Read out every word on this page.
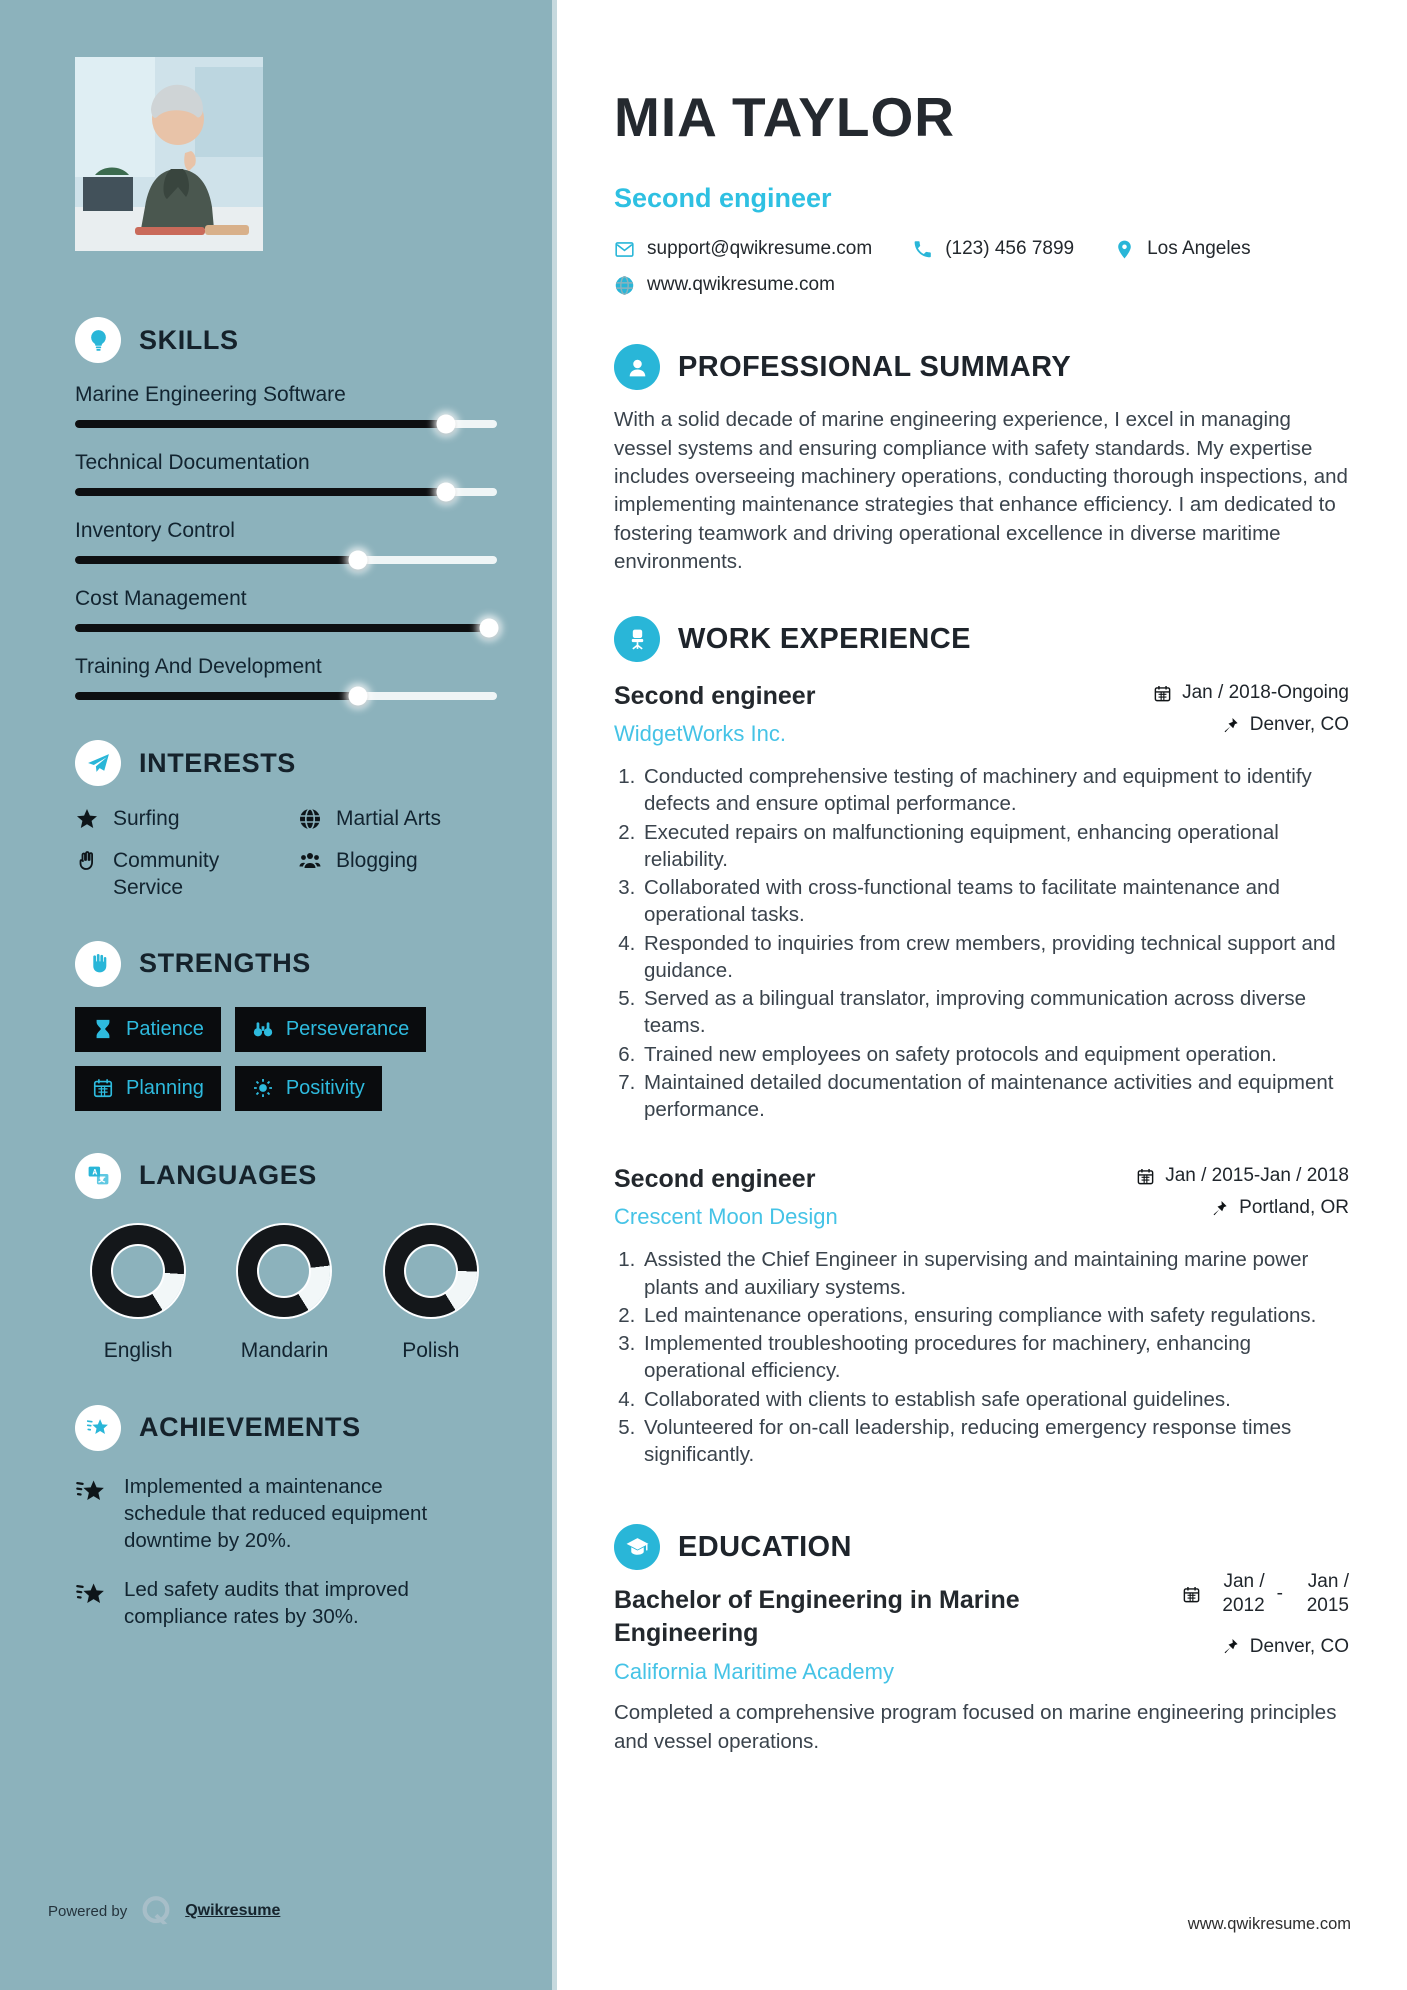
SKILLS
Marine Engineering Software
Technical Documentation
Inventory Control
Cost Management
Training And Development
INTERESTS
Surfing	Martial Arts
Community Service
Blogging
STRENGTHS
Patience	Perseverance
Planning	Positivity
LANGUAGES
English	Mandarin	Polish
ACHIEVEMENTS
Implemented a maintenance schedule that reduced equipment downtime by 20%.
Led safety audits that improved compliance rates by 30%.
Powered by	Qwikresume
MIA TAYLOR
Second engineer
support@qwikresume.com	(123) 456 7899	Los Angeles
www.qwikresume.com
PROFESSIONAL SUMMARY

With a solid decade of marine engineering experience, I excel in managing vessel systems and ensuring compliance with safety standards. My expertise includes overseeing machinery operations, conducting thorough inspections, and implementing maintenance strategies that enhance efficiency. I am dedicated to fostering teamwork and driving operational excellence in diverse maritime environments.

WORK EXPERIENCE
Second engineer
WidgetWorks Inc.
Jan / 2018-Ongoing
Denver, CO
1. Conducted comprehensive testing of machinery and equipment to identify defects and ensure optimal performance.
2. Executed repairs on malfunctioning equipment, enhancing operational reliability.
3. Collaborated with cross-functional teams to facilitate maintenance and operational tasks.
4. Responded to inquiries from crew members, providing technical support and guidance.
5. Served as a bilingual translator, improving communication across diverse teams.
6. Trained new employees on safety protocols and equipment operation.
7. Maintained detailed documentation of maintenance activities and equipment performance.
Second engineer
Crescent Moon Design
Jan / 2015-Jan / 2018
Portland, OR
1. Assisted the Chief Engineer in supervising and maintaining marine power plants and auxiliary systems.
2. Led maintenance operations, ensuring compliance with safety regulations.
3. Implemented troubleshooting procedures for machinery, enhancing operational efficiency.
4. Collaborated with clients to establish safe operational guidelines.
5. Volunteered for on-call leadership, reducing emergency response times significantly.
EDUCATION
Bachelor of Engineering in Marine Engineering
California Maritime Academy
Jan / 2012
-
Jan / 2015
Denver, CO

Completed a comprehensive program focused on marine engineering principles and vessel operations.

www.qwikresume.com
